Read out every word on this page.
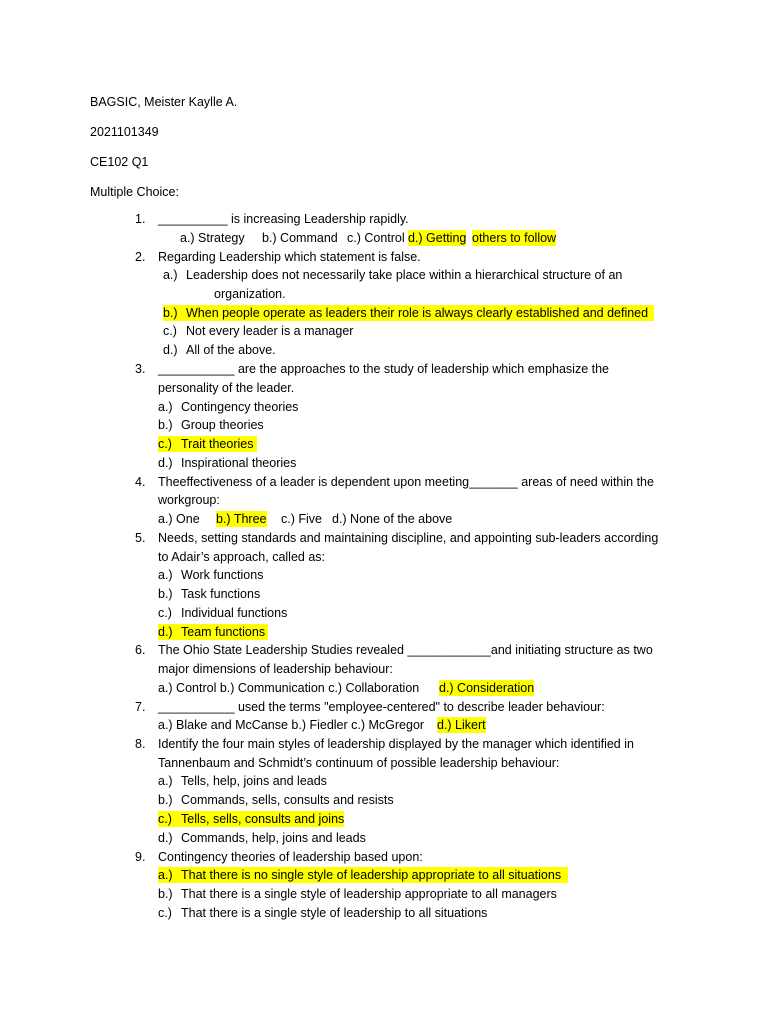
BAGSIC, Meister Kaylle A.
2021101349
CE102 Q1
Multiple Choice:
1. __________ is increasing Leadership rapidly.
a.) Strategy b.) Command c.) Control d.) Getting others to follow
2. Regarding Leadership which statement is false.
a.) Leadership does not necessarily take place within a hierarchical structure of an
organization.
b.) When people operate as leaders their role is always clearly established and defined
c.) Not every leader is a manager
d.) All of the above.
3. ___________ are the approaches to the study of leadership which emphasize the
personality of the leader.
a.) Contingency theories
b.) Group theories
c.) Trait theories
d.) Inspirational theories
4. Theeffectiveness of a leader is dependent upon meeting_______ areas of need within the
workgroup:
a.) One b.) Three c.) Five d.) None of the above
5. Needs, setting standards and maintaining discipline, and appointing sub-leaders according
to Adair’s approach, called as:
a.) Work functions
b.) Task functions
c.) Individual functions
d.) Team functions
6. The Ohio State Leadership Studies revealed ____________and initiating structure as two
major dimensions of leadership behaviour:
a.) Control b.) Communication c.) Collaboration d.) Consideration
7. ___________ used the terms "employee-centered" to describe leader behaviour:
a.) Blake and McCanse b.) Fiedler c.) McGregor d.) Likert
8. Identify the four main styles of leadership displayed by the manager which identified in
Tannenbaum and Schmidt’s continuum of possible leadership behaviour:
a.) Tells, help, joins and leads
b.) Commands, sells, consults and resists
c.) Tells, sells, consults and joins
d.) Commands, help, joins and leads
9. Contingency theories of leadership based upon:
a.) That there is no single style of leadership appropriate to all situations
b.) That there is a single style of leadership appropriate to all managers
c.) That there is a single style of leadership to all situations
